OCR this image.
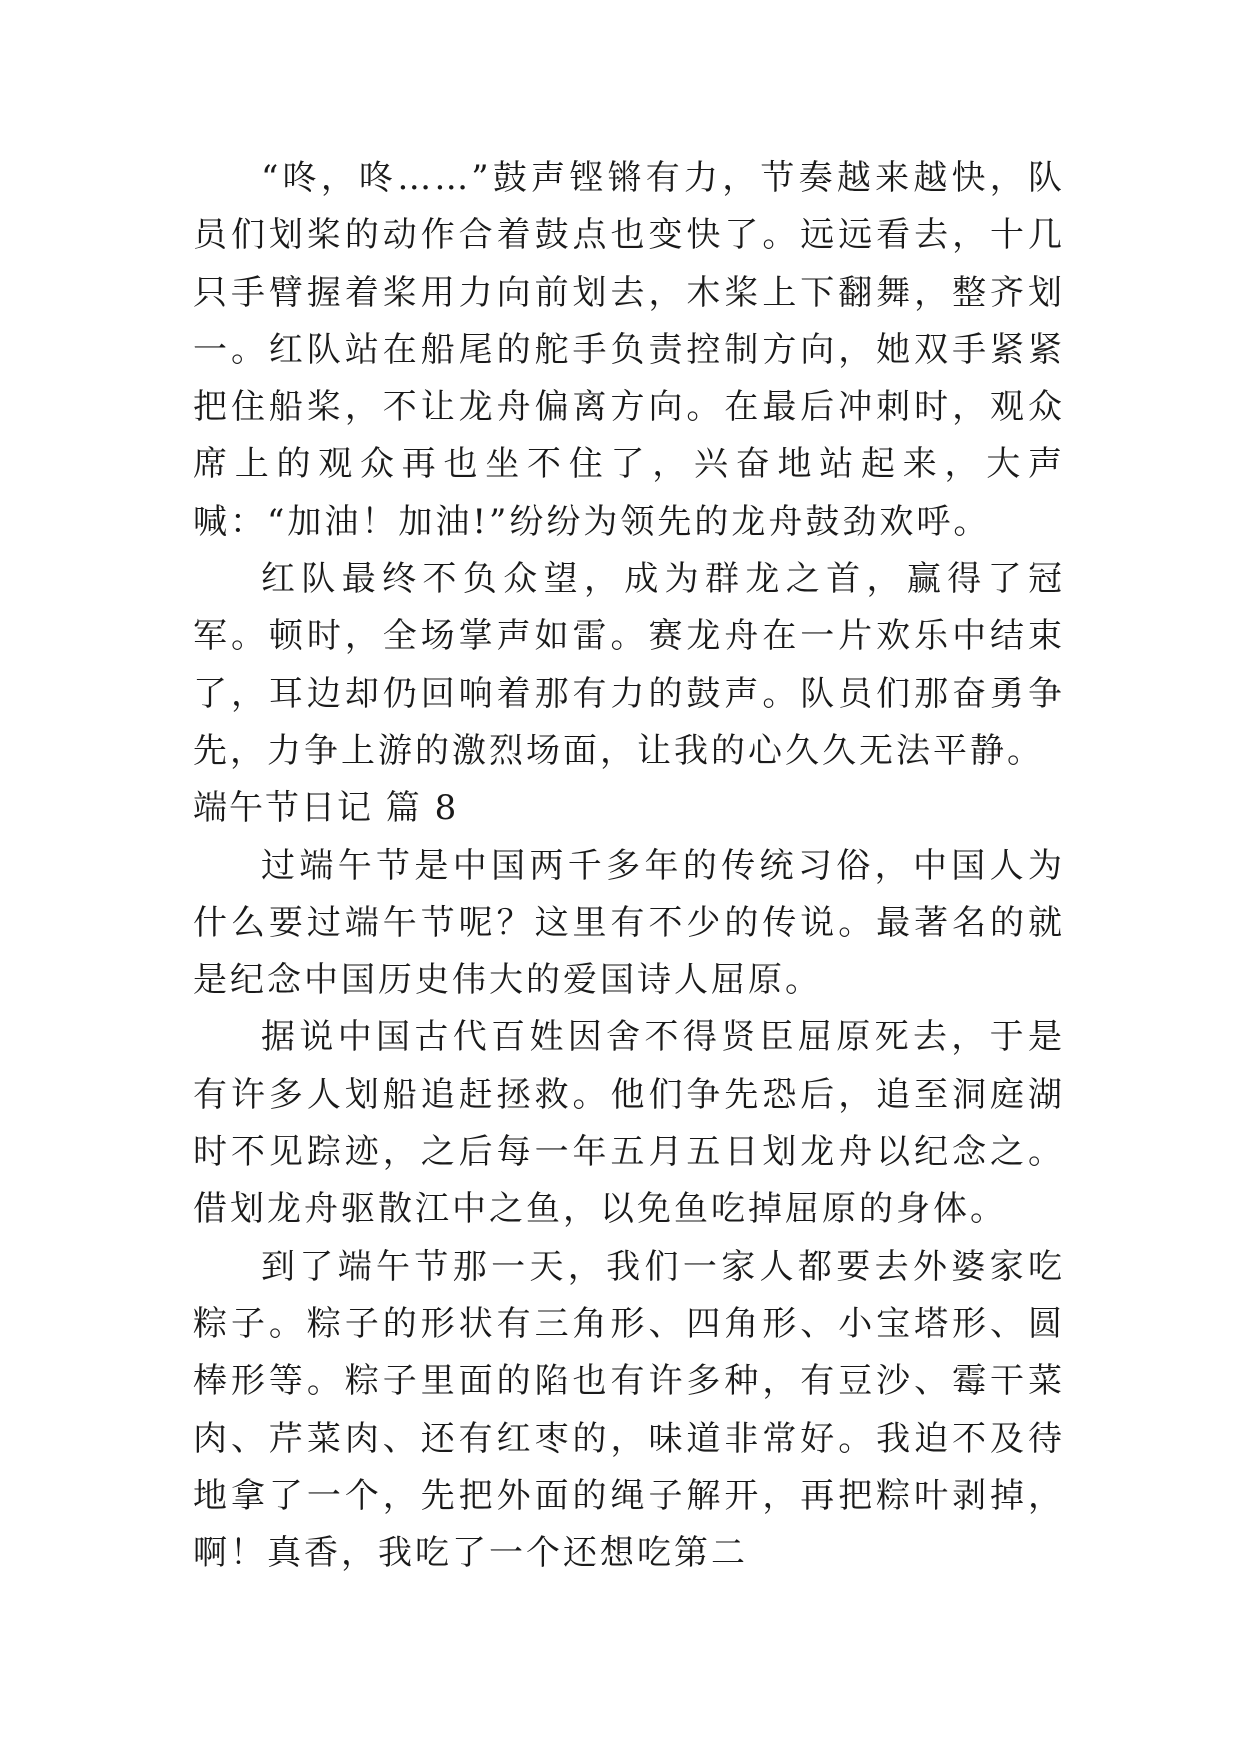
“咚，咚……”鼓声铿锵有力，节奏越来越快，队员们划桨的动作合着鼓点也变快了。远远看去，十几只手臂握着桨用力向前划去，木桨上下翻舞，整齐划一。红队站在船尾的舵手负责控制方向，她双手紧紧把住船桨，不让龙舟偏离方向。在最后冲刺时，观众席上的观众再也坐不住了，兴奋地站起来，大声喊：“加油！加油!”纷纷为领先的龙舟鼓劲欢呼。

红队最终不负众望，成为群龙之首，赢得了冠军。顿时，全场掌声如雷。赛龙舟在一片欢乐中结束了，耳边却仍回响着那有力的鼓声。队员们那奋勇争先，力争上游的激烈场面，让我的心久久无法平静。

端午节日记 篇 8

过端午节是中国两千多年的传统习俗，中国人为什么要过端午节呢？这里有不少的传说。最著名的就是纪念中国历史伟大的爱国诗人屈原。

据说中国古代百姓因舍不得贤臣屈原死去，于是有许多人划船追赶拯救。他们争先恐后，追至洞庭湖时不见踪迹，之后每一年五月五日划龙舟以纪念之。借划龙舟驱散江中之鱼，以免鱼吃掉屈原的身体。

到了端午节那一天，我们一家人都要去外婆家吃粽子。粽子的形状有三角形、四角形、小宝塔形、圆棒形等。粽子里面的陷也有许多种，有豆沙、霉干菜肉、芹菜肉、还有红枣的，味道非常好。我迫不及待地拿了一个，先把外面的绳子解开，再把粽叶剥掉，啊！真香，我吃了一个还想吃第二
